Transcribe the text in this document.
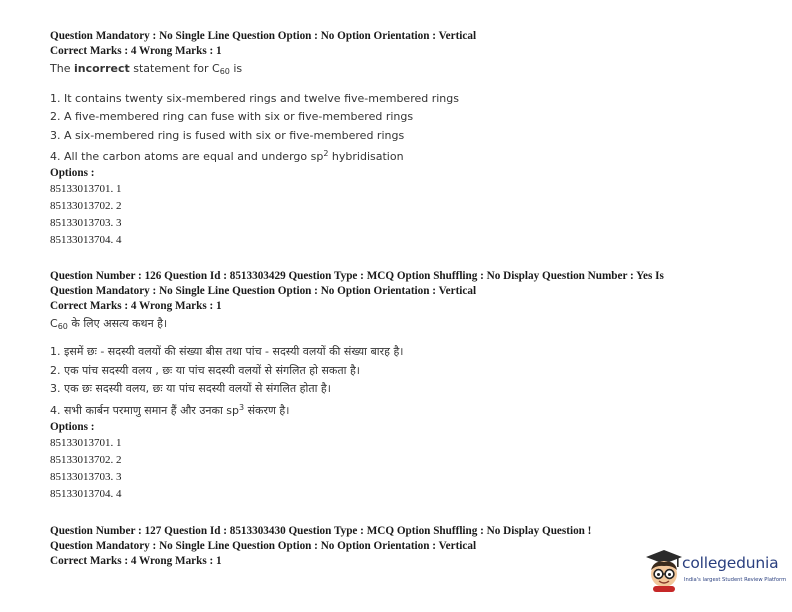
Question Mandatory : No Single Line Question Option : No Option Orientation : Vertical
Correct Marks : 4 Wrong Marks : 1
The incorrect statement for $C_{60}$ is
1. It contains twenty six-membered rings and twelve five-membered rings
2. A five-membered ring can fuse with six or five-membered rings
3. A six-membered ring is fused with six or five-membered rings
4. All the carbon atoms are equal and undergo $sp^2$ hybridisation
Options :
85133013701. 1
85133013702. 2
85133013703. 3
85133013704. 4
Question Number : 126 Question Id : 8513303429 Question Type : MCQ Option Shuffling : No Display Question Number : Yes Is
Question Mandatory : No Single Line Question Option : No Option Orientation : Vertical
Correct Marks : 4 Wrong Marks : 1
$C_{60}$ के लिए असत्य कथन है।
1. इसमें छः - सदस्यी वलयों की संख्या बीस तथा पांच - सदस्यी वलयों की संख्या बारह है।
2. एक पांच सदस्यी वलय , छः या पांच सदस्यी वलयों से संगलित हो सकता है।
3. एक छः सदस्यी वलय, छः या पांच सदस्यी वलयों से संगलित होता है।
4. सभी कार्बन परमाणु समान हैं और उनका $sp^3$ संकरण है।
Options :
85133013701. 1
85133013702. 2
85133013703. 3
85133013704. 4
Question Number : 127 Question Id : 8513303430 Question Type : MCQ Option Shuffling : No Display Question !
Question Mandatory : No Single Line Question Option : No Option Orientation : Vertical
Correct Marks : 4 Wrong Marks : 1	collegedunia
India's largest Student Review Platform
